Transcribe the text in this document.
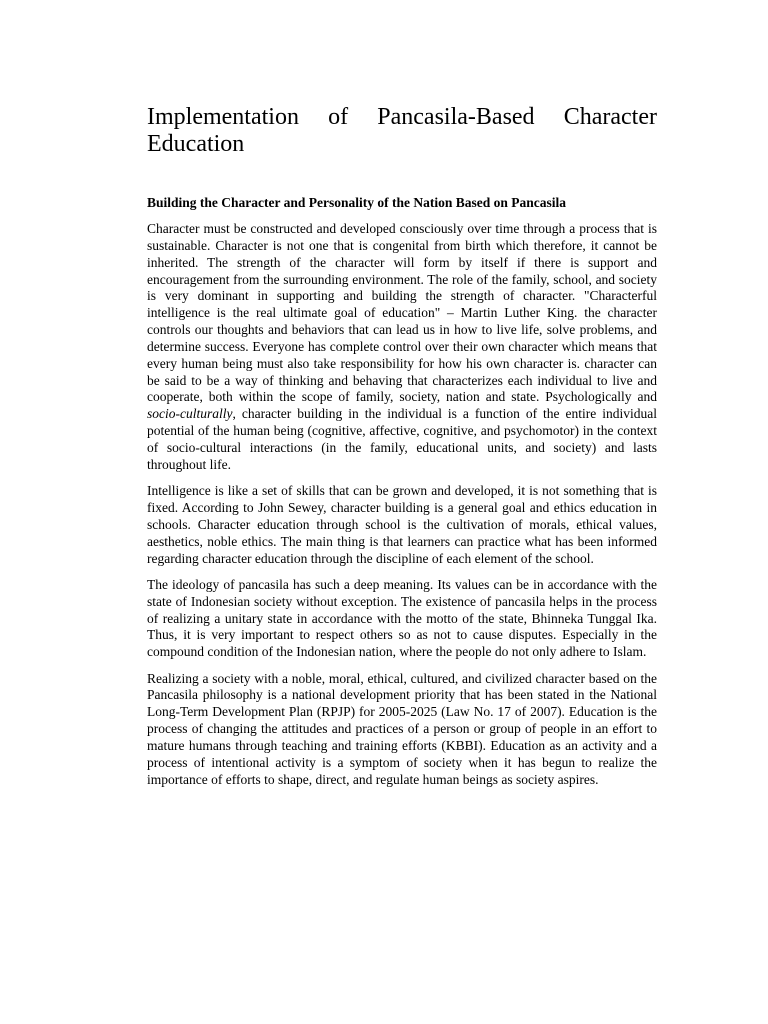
Implementation of Pancasila-Based Character Education
Building the Character and Personality of the Nation Based on Pancasila

Character must be constructed and developed consciously over time through a process that is sustainable. Character is not one that is congenital from birth which therefore, it cannot be inherited. The strength of the character will form by itself if there is support and encouragement from the surrounding environment. The role of the family, school, and society is very dominant in supporting and building the strength of character. "Characterful intelligence is the real ultimate goal of education" – Martin Luther King. the character controls our thoughts and behaviors that can lead us in how to live life, solve problems, and determine success. Everyone has complete control over their own character which means that every human being must also take responsibility for how his own character is. character can be said to be a way of thinking and behaving that characterizes each individual to live and cooperate, both within the scope of family, society, nation and state. Psychologically and socio-culturally, character building in the individual is a function of the entire individual potential of the human being (cognitive, affective, cognitive, and psychomotor) in the context of socio-cultural interactions (in the family, educational units, and society) and lasts throughout life.

Intelligence is like a set of skills that can be grown and developed, it is not something that is fixed. According to John Sewey, character building is a general goal and ethics education in schools. Character education through school is the cultivation of morals, ethical values, aesthetics, noble ethics. The main thing is that learners can practice what has been informed regarding character education through the discipline of each element of the school.

The ideology of pancasila has such a deep meaning. Its values can be in accordance with the state of Indonesian society without exception. The existence of pancasila helps in the process of realizing a unitary state in accordance with the motto of the state, Bhinneka Tunggal Ika. Thus, it is very important to respect others so as not to cause disputes. Especially in the compound condition of the Indonesian nation, where the people do not only adhere to Islam.

Realizing a society with a noble, moral, ethical, cultured, and civilized character based on the Pancasila philosophy is a national development priority that has been stated in the National Long-Term Development Plan (RPJP) for 2005-2025 (Law No. 17 of 2007). Education is the process of changing the attitudes and practices of a person or group of people in an effort to mature humans through teaching and training efforts (KBBI). Education as an activity and a process of intentional activity is a symptom of society when it has begun to realize the importance of efforts to shape, direct, and regulate human beings as society aspires.
